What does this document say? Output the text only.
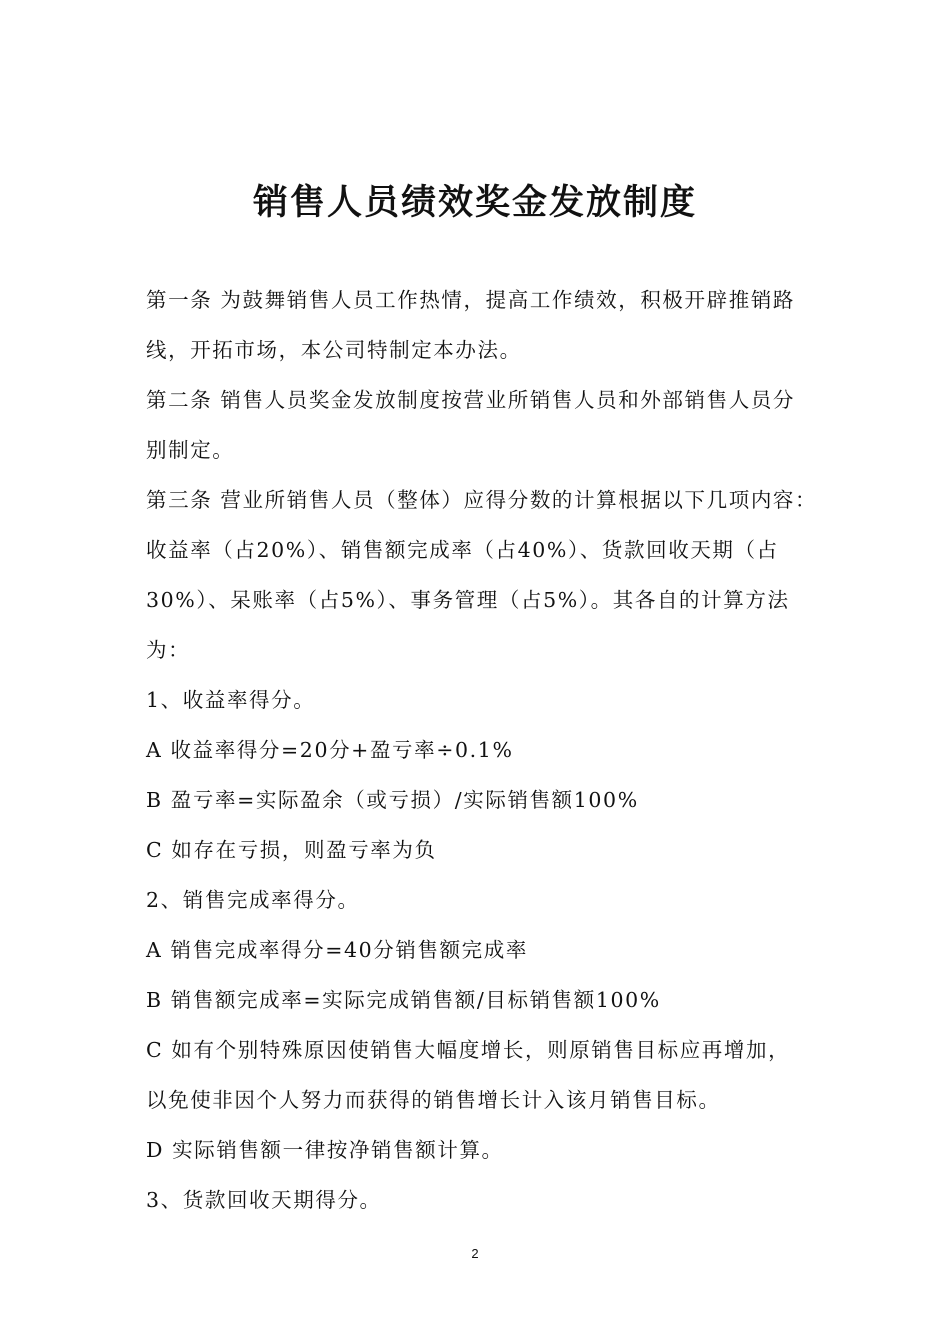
销售人员绩效奖金发放制度

第一条 为鼓舞销售人员工作热情，提高工作绩效，积极开辟推销路

线，开拓市场，本公司特制定本办法。

第二条 销售人员奖金发放制度按营业所销售人员和外部销售人员分

别制定。

第三条 营业所销售人员（整体）应得分数的计算根据以下几项内容：

收益率（占20%）、销售额完成率（占40%）、货款回收天期（占

30%）、呆账率（占5%）、事务管理（占5%）。其各自的计算方法

为：

1、收益率得分。

A 收益率得分=20分+盈亏率÷0.1%

B 盈亏率=实际盈余（或亏损）/实际销售额100%

C 如存在亏损，则盈亏率为负

2、销售完成率得分。

A 销售完成率得分=40分销售额完成率

B 销售额完成率=实际完成销售额/目标销售额100%

C 如有个别特殊原因使销售大幅度增长，则原销售目标应再增加，

以免使非因个人努力而获得的销售增长计入该月销售目标。

D 实际销售额一律按净销售额计算。

3、货款回收天期得分。

2
